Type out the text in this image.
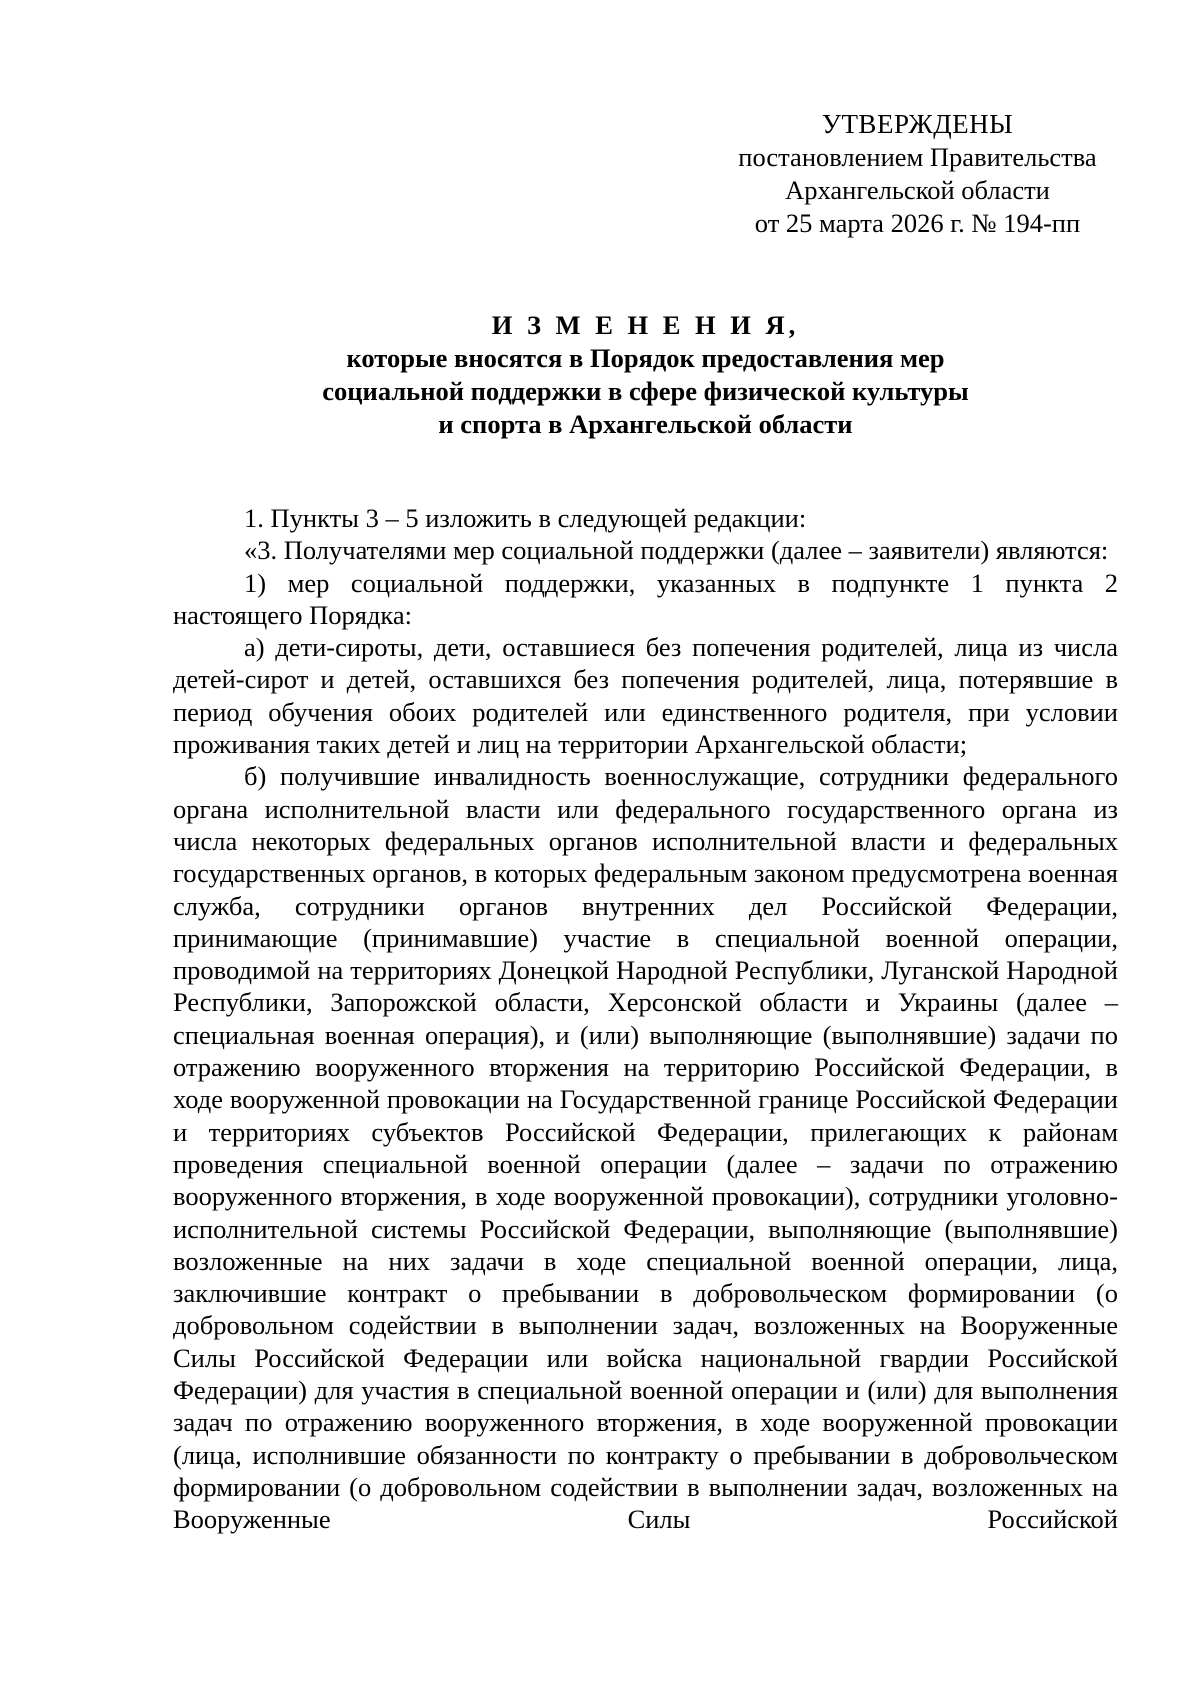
УТВЕРЖДЕНЫ
постановлением Правительства
Архангельской области
от 25 марта 2026 г. № 194-пп
И З М Е Н Е Н И Я,
которые вносятся в Порядок предоставления мер
социальной поддержки в сфере физической культуры
и спорта в Архангельской области

1. Пункты 3 – 5 изложить в следующей редакции:

«3. Получателями мер социальной поддержки (далее – заявители) являются:

1) мер социальной поддержки, указанных в подпункте 1 пункта 2 настоящего Порядка:

а) дети-сироты, дети, оставшиеся без попечения родителей, лица из числа детей-сирот и детей, оставшихся без попечения родителей, лица, потерявшие в период обучения обоих родителей или единственного родителя, при условии проживания таких детей и лиц на территории Архангельской области;

б) получившие инвалидность военнослужащие, сотрудники федерального органа исполнительной власти или федерального государственного органа из числа некоторых федеральных органов исполнительной власти и федеральных государственных органов, в которых федеральным законом предусмотрена военная служба, сотрудники органов внутренних дел Российской Федерации, принимающие (принимавшие) участие в специальной военной операции, проводимой на территориях Донецкой Народной Республики, Луганской Народной Республики, Запорожской области, Херсонской области и Украины (далее – специальная военная операция), и (или) выполняющие (выполнявшие) задачи по отражению вооруженного вторжения на территорию Российской Федерации, в ходе вооруженной провокации на Государственной границе Российской Федерации и территориях субъектов Российской Федерации, прилегающих к районам проведения специальной военной операции (далее – задачи по отражению вооруженного вторжения, в ходе вооруженной провокации), сотрудники уголовно-исполнительной системы Российской Федерации, выполняющие (выполнявшие) возложенные на них задачи в ходе специальной военной операции, лица, заключившие контракт о пребывании в добровольческом формировании (о добровольном содействии в выполнении задач, возложенных на Вооруженные Силы Российской Федерации или войска национальной гвардии Российской Федерации) для участия в специальной военной операции и (или) для выполнения задач по отражению вооруженного вторжения, в ходе вооруженной провокации (лица, исполнившие обязанности по контракту о пребывании в добровольческом формировании (о добровольном содействии в выполнении задач, возложенных на Вооруженные Силы Российской
